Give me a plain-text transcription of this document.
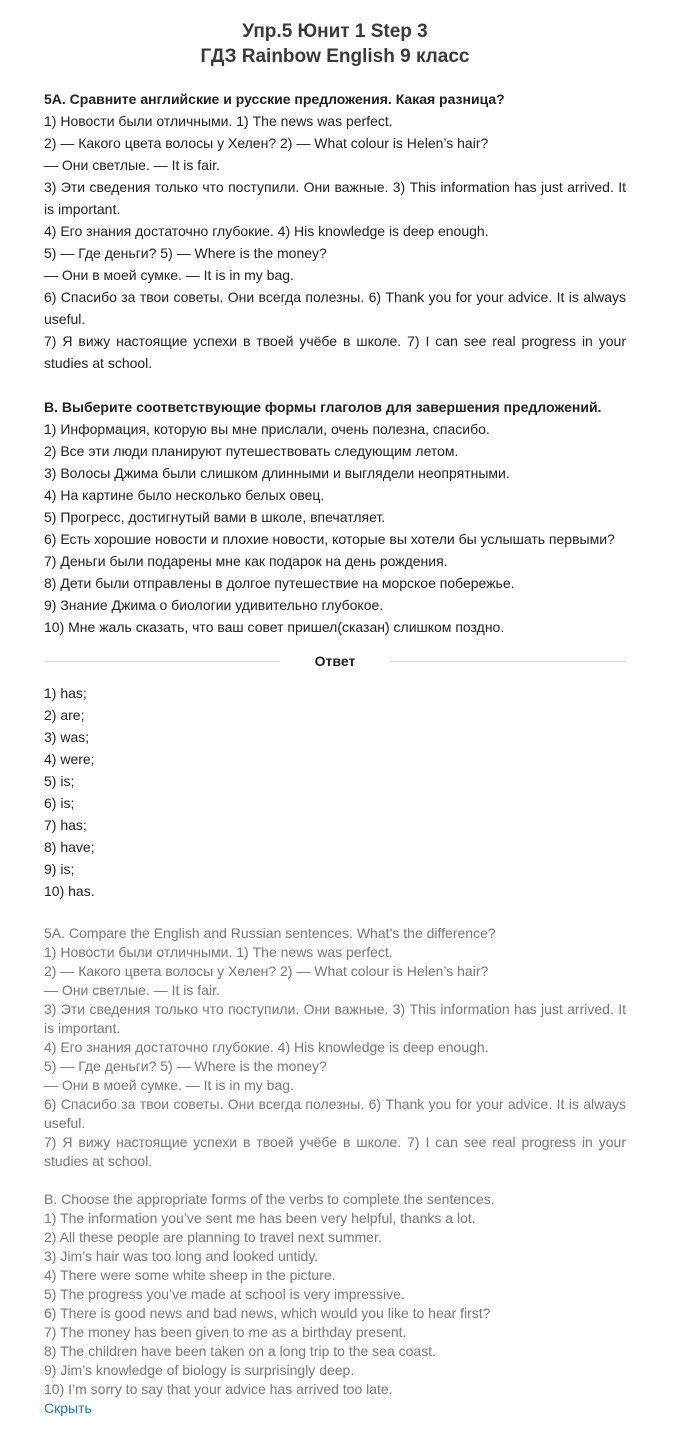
Упр.5 Юнит 1 Step 3
ГДЗ Rainbow English 9 класс

5A. Сравните английские и русские предложения. Какая разница?

1) Новости были отличными. 1) The news was perfect.
2) — Какого цвета волосы у Хелен? 2) — What colour is Helen’s hair?
— Они светлые. — It is fair.
3) Эти сведения только что поступили. Они важные. 3) This information has just arrived. It is important.
4) Его знания достаточно глубокие. 4) His knowledge is deep enough.
5) — Где деньги? 5) — Where is the money?
— Они в моей сумке. — It is in my bag.
6) Спасибо за твои советы. Они всегда полезны. 6) Thank you for your advice. It is always useful.
7) Я вижу настоящие успехи в твоей учёбе в школе. 7) I can see real progress in your studies at school.

B. Выберите соответствующие формы глаголов для завершения предложений.

1) Информация, которую вы мне прислали, очень полезна, спасибо.
2) Все эти люди планируют путешествовать следующим летом.
3) Волосы Джима были слишком длинными и выглядели неопрятными.
4) На картине было несколько белых овец.
5) Прогресс, достигнутый вами в школе, впечатляет.
6) Есть хорошие новости и плохие новости, которые вы хотели бы услышать первыми?
7) Деньги были подарены мне как подарок на день рождения.
8) Дети были отправлены в долгое путешествие на морское побережье.
9) Знание Джима о биологии удивительно глубокое.
10) Мне жаль сказать, что ваш совет пришел(сказан) слишком поздно.
Ответ
1) has;
2) are;
3) was;
4) were;
5) is;
6) is;
7) has;
8) have;
9) is;
10) has.
5A. Compare the English and Russian sentences. What’s the difference?
1) Новости были отличными. 1) The news was perfect.
2) — Какого цвета волосы у Хелен? 2) — What colour is Helen’s hair?
— Они светлые. — It is fair.
3) Эти сведения только что поступили. Они важные. 3) This information has just arrived. It is important.
4) Его знания достаточно глубокие. 4) His knowledge is deep enough.
5) — Где деньги? 5) — Where is the money?
— Они в моей сумке. — It is in my bag.
6) Спасибо за твои советы. Они всегда полезны. 6) Thank you for your advice. It is always useful.
7) Я вижу настоящие успехи в твоей учёбе в школе. 7) I can see real progress in your studies at school.
B. Choose the appropriate forms of the verbs to complete the sentences.
1) The information you’ve sent me has been very helpful, thanks a lot.
2) All these people are planning to travel next summer.
3) Jim’s hair was too long and looked untidy.
4) There were some white sheep in the picture.
5) The progress you’ve made at school is very impressive.
6) There is good news and bad news, which would you like to hear first?
7) The money has been given to me as a birthday present.
8) The children have been taken on a long trip to the sea coast.
9) Jim’s knowledge of biology is surprisingly deep.
10) I’m sorry to say that your advice has arrived too late.
Скрыть
